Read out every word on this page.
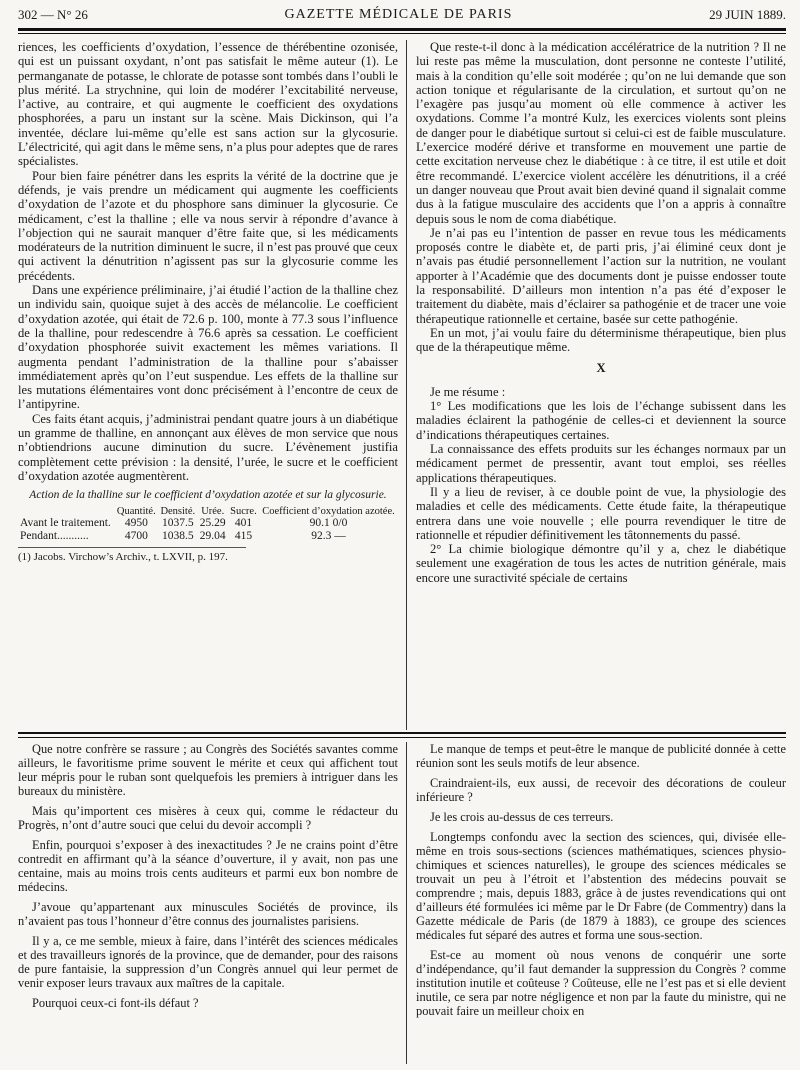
302 — N° 26	GAZETTE MÉDICALE DE PARIS	29 JUIN 1889.

riences, les coefficients d’oxydation, l’essence de thérébentine ozonisée, qui est un puissant oxydant, n’ont pas satisfait le même auteur (1). Le permanganate de potasse, le chlorate de potasse sont tombés dans l’oubli le plus mérité. La strychnine, qui loin de modérer l’excitabilité nerveuse, l’active, au contraire, et qui augmente le coefficient des oxydations phosphorées, a paru un instant sur la scène. Mais Dickinson, qui l’a inventée, déclare lui-même qu’elle est sans action sur la glycosurie. L’électricité, qui agit dans le même sens, n’a plus pour adeptes que de rares spécialistes.

Pour bien faire pénétrer dans les esprits la vérité de la doctrine que je défends, je vais prendre un médicament qui augmente les coefficients d’oxydation de l’azote et du phosphore sans diminuer la glycosurie. Ce médicament, c’est la thalline ; elle va nous servir à répondre d’avance à l’objection qui ne saurait manquer d’être faite que, si les médicaments modérateurs de la nutrition diminuent le sucre, il n’est pas prouvé que ceux qui activent la dénutrition n’agissent pas sur la glycosurie comme les précédents.

Dans une expérience préliminaire, j’ai étudié l’action de la thalline chez un individu sain, quoique sujet à des accès de mélancolie. Le coefficient d’oxydation azotée, qui était de 72.6 p. 100, monte à 77.3 sous l’influence de la thalline, pour redescendre à 76.6 après sa cessation. Le coefficient d’oxydation phosphorée suivit exactement les mêmes variations. Il augmenta pendant l’administration de la thalline pour s’abaisser immédiatement après qu’on l’eut suspendue. Les effets de la thalline sur les mutations élémentaires vont donc précisément à l’encontre de ceux de l’antipyrine.

Ces faits étant acquis, j’administrai pendant quatre jours à un diabétique un gramme de thalline, en annonçant aux élèves de mon service que nous n’obtiendrions aucune diminution du sucre. L’évènement justifia complètement cette prévision : la densité, l’urée, le sucre et le coefficient d’oxydation azotée augmentèrent.

Action de la thalline sur le coefficient d’oxydation azotée et sur la glycosurie.
	Quantité.	Densité.	Urée.	Sucre.	Coefficient d’oxydation azotée.
Avant le traitement.	4950	1037.5	25.29	401	90.1 0/0
Pendant...........	4700	1038.5	29.04	415	92.3 —
(1) Jacobs. Virchow’s Archiv., t. LXVII, p. 197.

Que reste-t-il donc à la médication accélératrice de la nutrition ? Il ne lui reste pas même la musculation, dont personne ne conteste l’utilité, mais à la condition qu’elle soit modérée ; qu’on ne lui demande que son action tonique et régularisante de la circulation, et surtout qu’on ne l’exagère pas jusqu’au moment où elle commence à activer les oxydations. Comme l’a montré Kulz, les exercices violents sont pleins de danger pour le diabétique surtout si celui-ci est de faible musculature. L’exercice modéré dérive et transforme en mouvement une partie de cette excitation nerveuse chez le diabétique : à ce titre, il est utile et doit être recommandé. L’exercice violent accélère les dénutritions, il a créé un danger nouveau que Prout avait bien deviné quand il signalait comme dus à la fatigue musculaire des accidents que l’on a appris à connaître depuis sous le nom de coma diabétique.

Je n’ai pas eu l’intention de passer en revue tous les médicaments proposés contre le diabète et, de parti pris, j’ai éliminé ceux dont je n’avais pas étudié personnellement l’action sur la nutrition, ne voulant apporter à l’Académie que des documents dont je puisse endosser toute la responsabilité. D’ailleurs mon intention n’a pas été d’exposer le traitement du diabète, mais d’éclairer sa pathogénie et de tracer une voie thérapeutique rationnelle et certaine, basée sur cette pathogénie.

En un mot, j’ai voulu faire du déterminisme thérapeutique, bien plus que de la thérapeutique même.

X

Je me résume :

1° Les modifications que les lois de l’échange subissent dans les maladies éclairent la pathogénie de celles-ci et deviennent la source d’indications thérapeutiques certaines.

La connaissance des effets produits sur les échanges normaux par un médicament permet de pressentir, avant tout emploi, ses réelles applications thérapeutiques.

Il y a lieu de reviser, à ce double point de vue, la physiologie des maladies et celle des médicaments. Cette étude faite, la thérapeutique entrera dans une voie nouvelle ; elle pourra revendiquer le titre de rationnelle et répudier définitivement les tâtonnements du passé.

2° La chimie biologique démontre qu’il y a, chez le diabétique seulement une exagération de tous les actes de nutrition générale, mais encore une suractivité spéciale de certains

Que notre confrère se rassure ; au Congrès des Sociétés savantes comme ailleurs, le favoritisme prime souvent le mérite et ceux qui affichent tout leur mépris pour le ruban sont quelquefois les premiers à intriguer dans les bureaux du ministère.

Mais qu’importent ces misères à ceux qui, comme le rédacteur du Progrès, n’ont d’autre souci que celui du devoir accompli ?

Enfin, pourquoi s’exposer à des inexactitudes ? Je ne crains point d’être contredit en affirmant qu’à la séance d’ouverture, il y avait, non pas une centaine, mais au moins trois cents auditeurs et parmi eux bon nombre de médecins.

J’avoue qu’appartenant aux minuscules Sociétés de province, ils n’avaient pas tous l’honneur d’être connus des journalistes parisiens.

Il y a, ce me semble, mieux à faire, dans l’intérêt des sciences médicales et des travailleurs ignorés de la province, que de demander, pour des raisons de pure fantaisie, la suppression d’un Congrès annuel qui leur permet de venir exposer leurs travaux aux maîtres de la capitale.

Pourquoi ceux-ci font-ils défaut ?

Le manque de temps et peut-être le manque de publicité donnée à cette réunion sont les seuls motifs de leur absence.

Craindraient-ils, eux aussi, de recevoir des décorations de couleur inférieure ?

Je les crois au-dessus de ces terreurs.

Longtemps confondu avec la section des sciences, qui, divisée elle-même en trois sous-sections (sciences mathématiques, sciences physio-chimiques et sciences naturelles), le groupe des sciences médicales se trouvait un peu à l’étroit et l’abstention des médecins pouvait se comprendre ; mais, depuis 1883, grâce à de justes revendications qui ont d’ailleurs été formulées ici même par le Dr Fabre (de Commentry) dans la Gazette médicale de Paris (de 1879 à 1883), ce groupe des sciences médicales fut séparé des autres et forma une sous-section.

Est-ce au moment où nous venons de conquérir une sorte d’indépendance, qu’il faut demander la suppression du Congrès ? comme institution inutile et coûteuse ? Coûteuse, elle ne l’est pas et si elle devient inutile, ce sera par notre négligence et non par la faute du ministre, qui ne pouvait faire un meilleur choix en
